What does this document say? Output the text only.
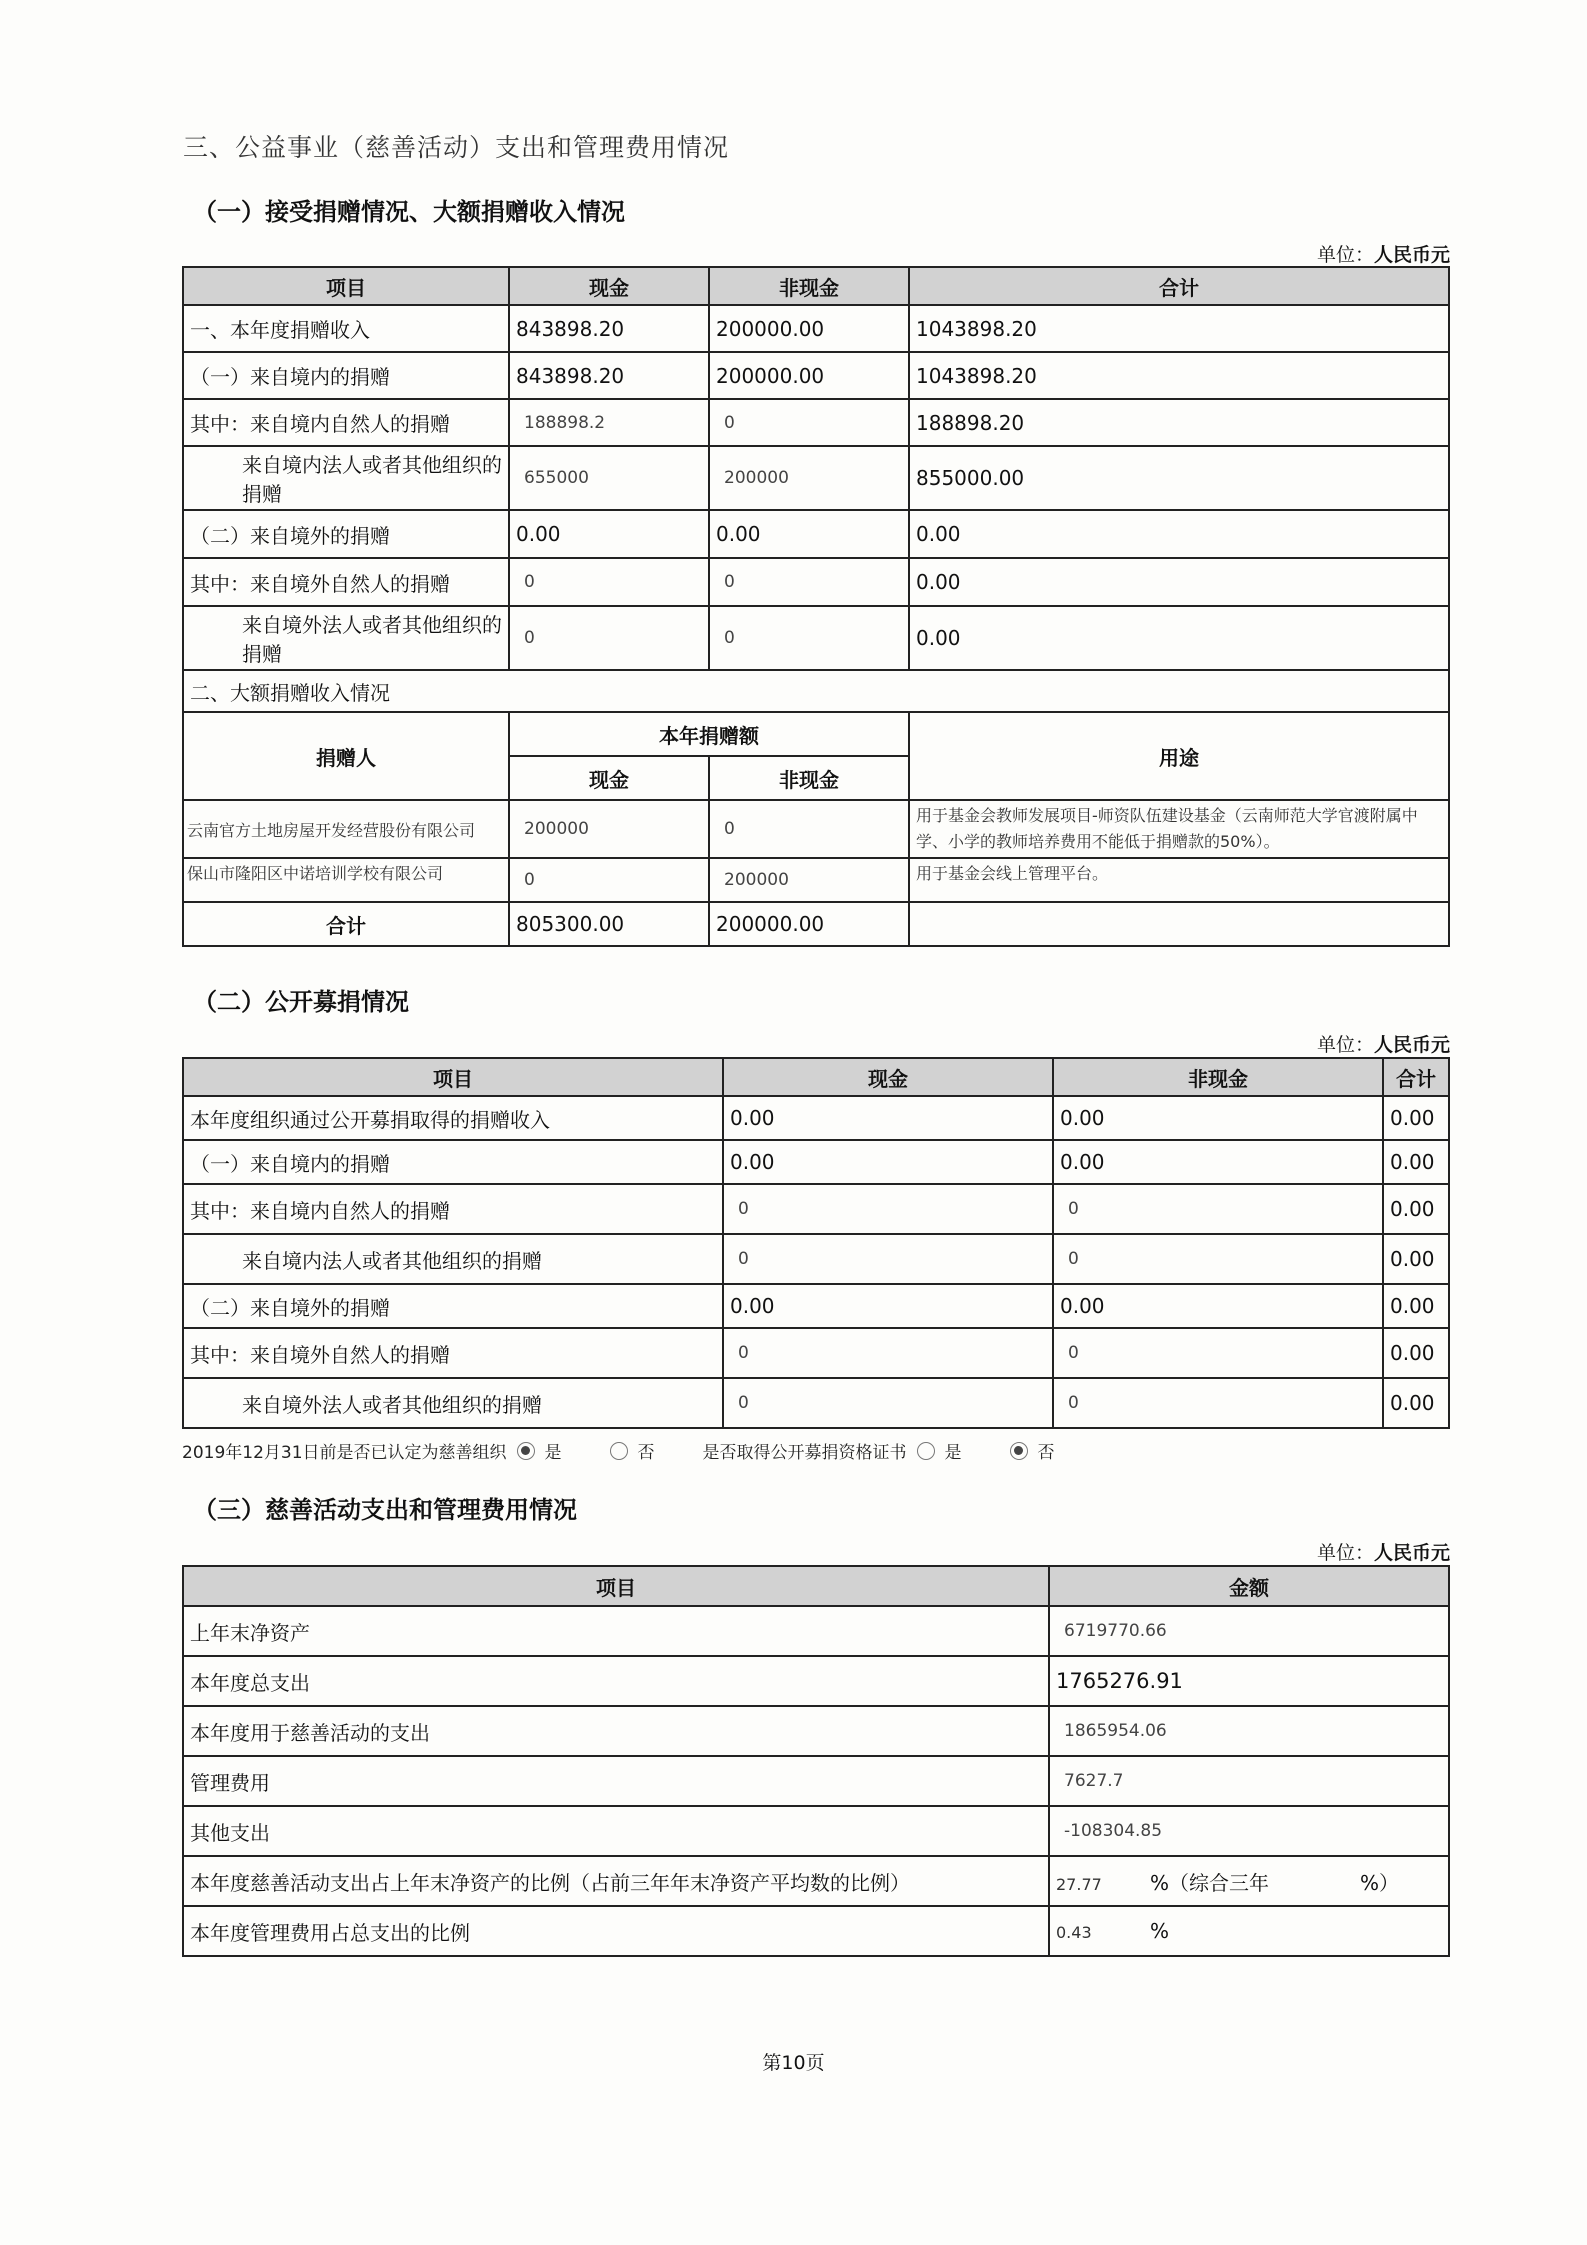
三、公益事业（慈善活动）支出和管理费用情况
（一）接受捐赠情况、大额捐赠收入情况
单位：人民币元
项目	现金	非现金	合计
一、本年度捐赠收入	843898.20	200000.00	1043898.20
（一）来自境内的捐赠	843898.20	200000.00	1043898.20
其中：来自境内自然人的捐赠	188898.2	0	188898.20
来自境内法人或者其他组织的捐赠	655000	200000	855000.00
（二）来自境外的捐赠	0.00	0.00	0.00
其中：来自境外自然人的捐赠	0	0	0.00
来自境外法人或者其他组织的捐赠	0	0	0.00
二、大额捐赠收入情况			
捐赠人	本年捐赠额		用途
	现金	非现金	
云南官方土地房屋开发经营股份有限公司	200000	0	用于基金会教师发展项目-师资队伍建设基金（云南师范大学官渡附属中学、小学的教师培养费用不能低于捐赠款的50%）。
保山市隆阳区中诺培训学校有限公司	0	200000	用于基金会线上管理平台。
合计	805300.00	200000.00	
（二）公开募捐情况
单位：人民币元
项目	现金	非现金	合计
本年度组织通过公开募捐取得的捐赠收入	0.00	0.00	0.00
（一）来自境内的捐赠	0.00	0.00	0.00
其中：来自境内自然人的捐赠	0	0	0.00
来自境内法人或者其他组织的捐赠	0	0	0.00
（二）来自境外的捐赠	0.00	0.00	0.00
其中：来自境外自然人的捐赠	0	0	0.00
来自境外法人或者其他组织的捐赠	0	0	0.00
2019年12月31日前是否已认定为慈善组织 是	否	是否取得公开募捐资格证书 是	否
（三）慈善活动支出和管理费用情况
单位：人民币元
项目	金额
上年末净资产	6719770.66
本年度总支出	1765276.91
本年度用于慈善活动的支出	1865954.06
管理费用	7627.7
其他支出	-108304.85
本年度慈善活动支出占上年末净资产的比例（占前三年年末净资产平均数的比例）	27.77 %（综合三年 %）
本年度管理费用占总支出的比例	0.43 %
第10页
